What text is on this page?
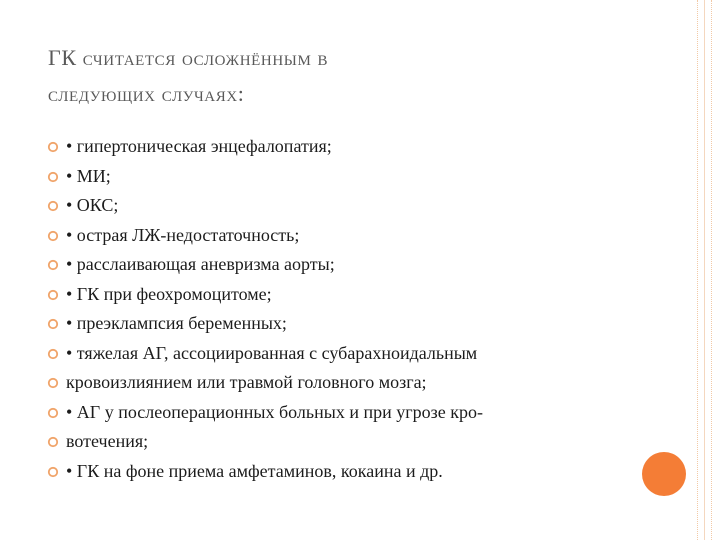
ГК считается осложнённым в
следующих случаях:
• гипертоническая энцефалопатия;
• МИ;
• ОКС;
• острая ЛЖ-недостаточность;
• расслаивающая аневризма аорты;
• ГК при феохромоцитоме;
• преэклампсия беременных;
• тяжелая АГ, ассоциированная с субарахноидальным
кровоизлиянием или травмой головного мозга;
• АГ у послеоперационных больных и при угрозе кро-
вотечения;
• ГК на фоне приема амфетаминов, кокаина и др.
